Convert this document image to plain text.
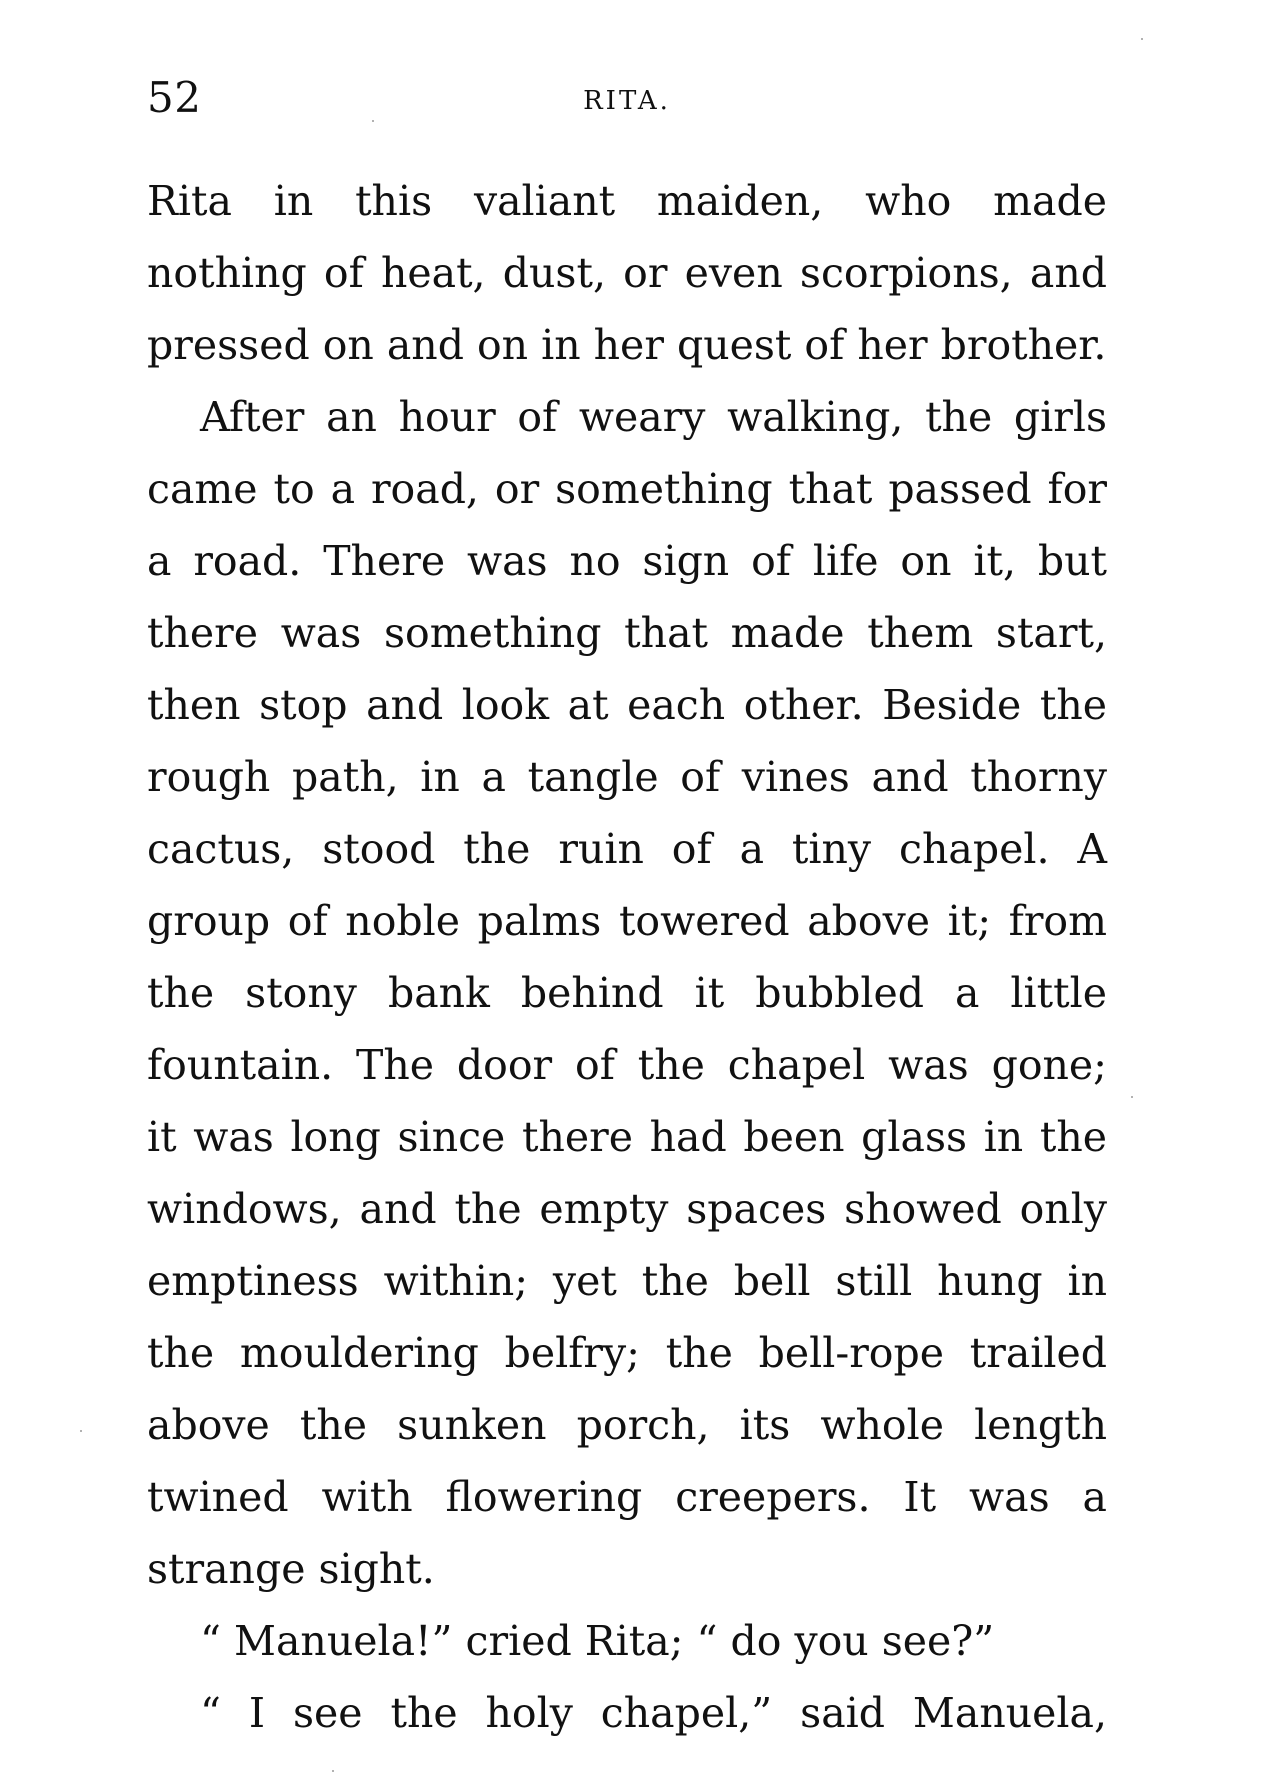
52	RITA.
Rita in this valiant maiden, who made
nothing of heat, dust, or even scorpions, and
pressed on and on in her quest of her brother.
After an hour of weary walking, the girls
came to a road, or something that passed for
a road. There was no sign of life on it, but
there was something that made them start,
then stop and look at each other. Beside the
rough path, in a tangle of vines and thorny
cactus, stood the ruin of a tiny chapel. A
group of noble palms towered above it; from
the stony bank behind it bubbled a little
fountain. The door of the chapel was gone;
it was long since there had been glass in the
windows, and the empty spaces showed only
emptiness within; yet the bell still hung in
the mouldering belfry; the bell-rope trailed
above the sunken porch, its whole length
twined with flowering creepers. It was a
strange sight.
“ Manuela!” cried Rita; “ do you see?”
“ I see the holy chapel,” said Manuela,
